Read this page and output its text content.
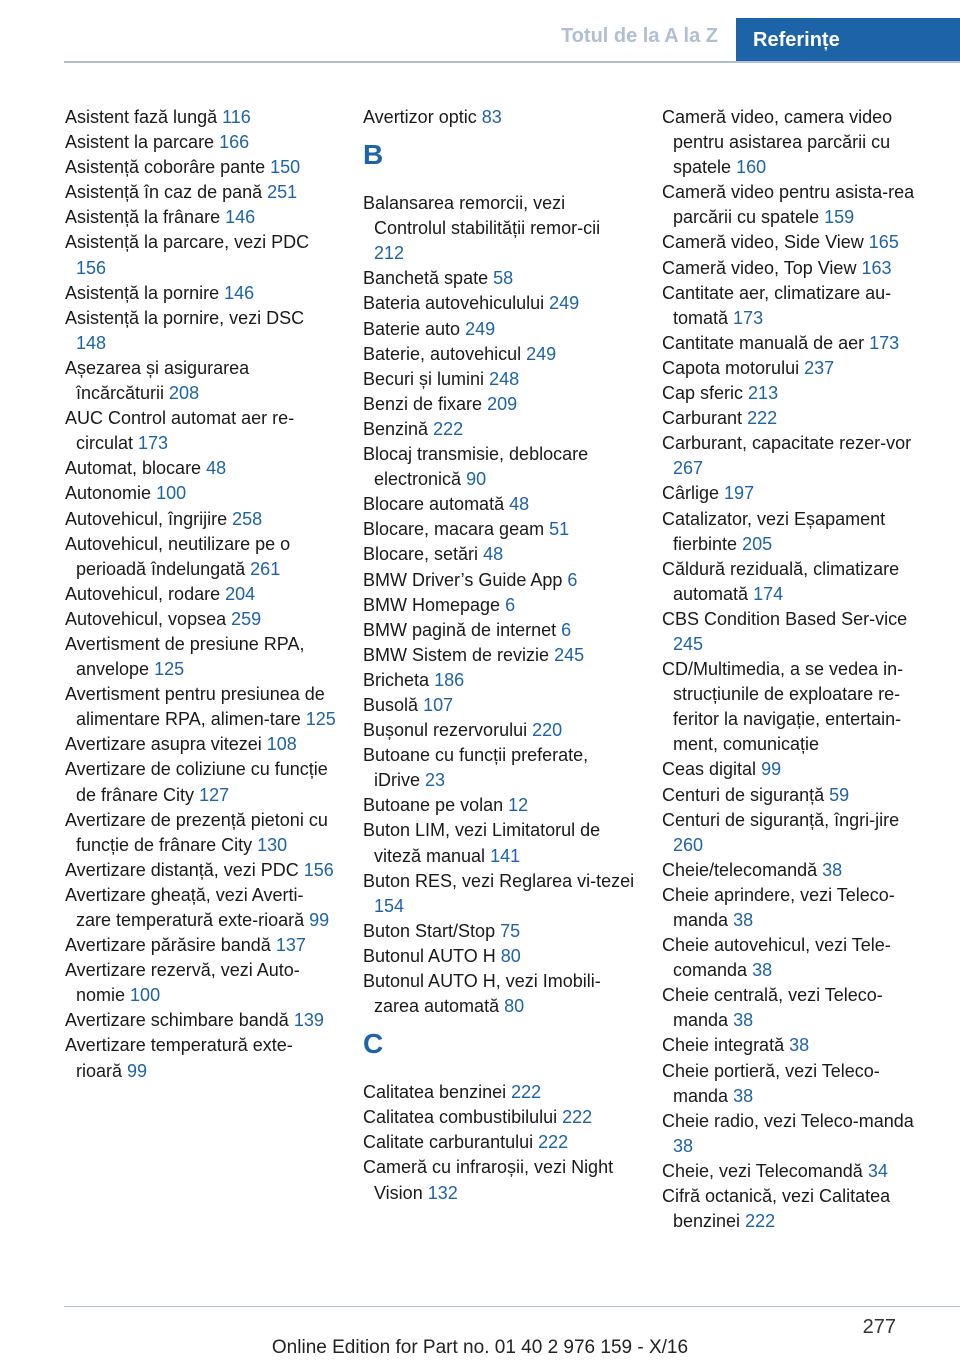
Totul de la A la Z	Referințe
Asistent fază lungă 116
Asistent la parcare 166
Asistență coborâre pante 150
Asistență în caz de pană 251
Asistență la frânare 146
Asistență la parcare, vezi PDC 156
Asistență la pornire 146
Asistență la pornire, vezi DSC 148
Așezarea și asigurarea încărcăturii 208
AUC Control automat aer re‐circulat 173
Automat, blocare 48
Autonomie 100
Autovehicul, îngrijire 258
Autovehicul, neutilizare pe o perioadă îndelungată 261
Autovehicul, rodare 204
Autovehicul, vopsea 259
Avertisment de presiune RPA, anvelope 125
Avertisment pentru presiunea de alimentare RPA, alimen‐tare 125
Avertizare asupra vitezei 108
Avertizare de coliziune cu funcție de frânare City 127
Avertizare de prezență pietoni cu funcție de frânare City 130
Avertizare distanță, vezi PDC 156
Avertizare gheață, vezi Averti‐zare temperatură exte‐rioară 99
Avertizare părăsire bandă 137
Avertizare rezervă, vezi Auto‐nomie 100
Avertizare schimbare bandă 139
Avertizare temperatură exte‐rioară 99
Avertizor optic 83
B
Balansarea remorcii, vezi Controlul stabilității remor‐cii 212
Banchetă spate 58
Bateria autovehiculului 249
Baterie auto 249
Baterie, autovehicul 249
Becuri și lumini 248
Benzi de fixare 209
Benzină 222
Blocaj transmisie, deblocare electronică 90
Blocare automată 48
Blocare, macara geam 51
Blocare, setări 48
BMW Driver’s Guide App 6
BMW Homepage 6
BMW pagină de internet 6
BMW Sistem de revizie 245
Bricheta 186
Busolă 107
Bușonul rezervorului 220
Butoane cu funcții preferate, iDrive 23
Butoane pe volan 12
Buton LIM, vezi Limitatorul de viteză manual 141
Buton RES, vezi Reglarea vi‐tezei 154
Buton Start/Stop 75
Butonul AUTO H 80
Butonul AUTO H, vezi Imobili‐zarea automată 80
C
Calitatea benzinei 222
Calitatea combustibilului 222
Calitate carburantului 222
Cameră cu infraroșii, vezi Night Vision 132
Cameră video, camera video pentru asistarea parcării cu spatele 160
Cameră video pentru asista‐rea parcării cu spatele 159
Cameră video, Side View 165
Cameră video, Top View 163
Cantitate aer, climatizare au‐tomată 173
Cantitate manuală de aer 173
Capota motorului 237
Cap sferic 213
Carburant 222
Carburant, capacitate rezer‐vor 267
Cârlige 197
Catalizator, vezi Eșapament fierbinte 205
Căldură reziduală, climatizare automată 174
CBS Condition Based Ser‐vice 245
CD/Multimedia, a se vedea in‐strucțiunile de exploatare re‐feritor la navigație, entertain‐ment, comunicație
Ceas digital 99
Centuri de siguranță 59
Centuri de siguranță, îngri‐jire 260
Cheie/telecomandă 38
Cheie aprindere, vezi Teleco‐manda 38
Cheie autovehicul, vezi Tele‐comanda 38
Cheie centrală, vezi Teleco‐manda 38
Cheie integrată 38
Cheie portieră, vezi Teleco‐manda 38
Cheie radio, vezi Teleco‐manda 38
Cheie, vezi Telecomandă 34
Cifră octanică, vezi Calitatea benzinei 222
277
Online Edition for Part no. 01 40 2 976 159 - X/16
